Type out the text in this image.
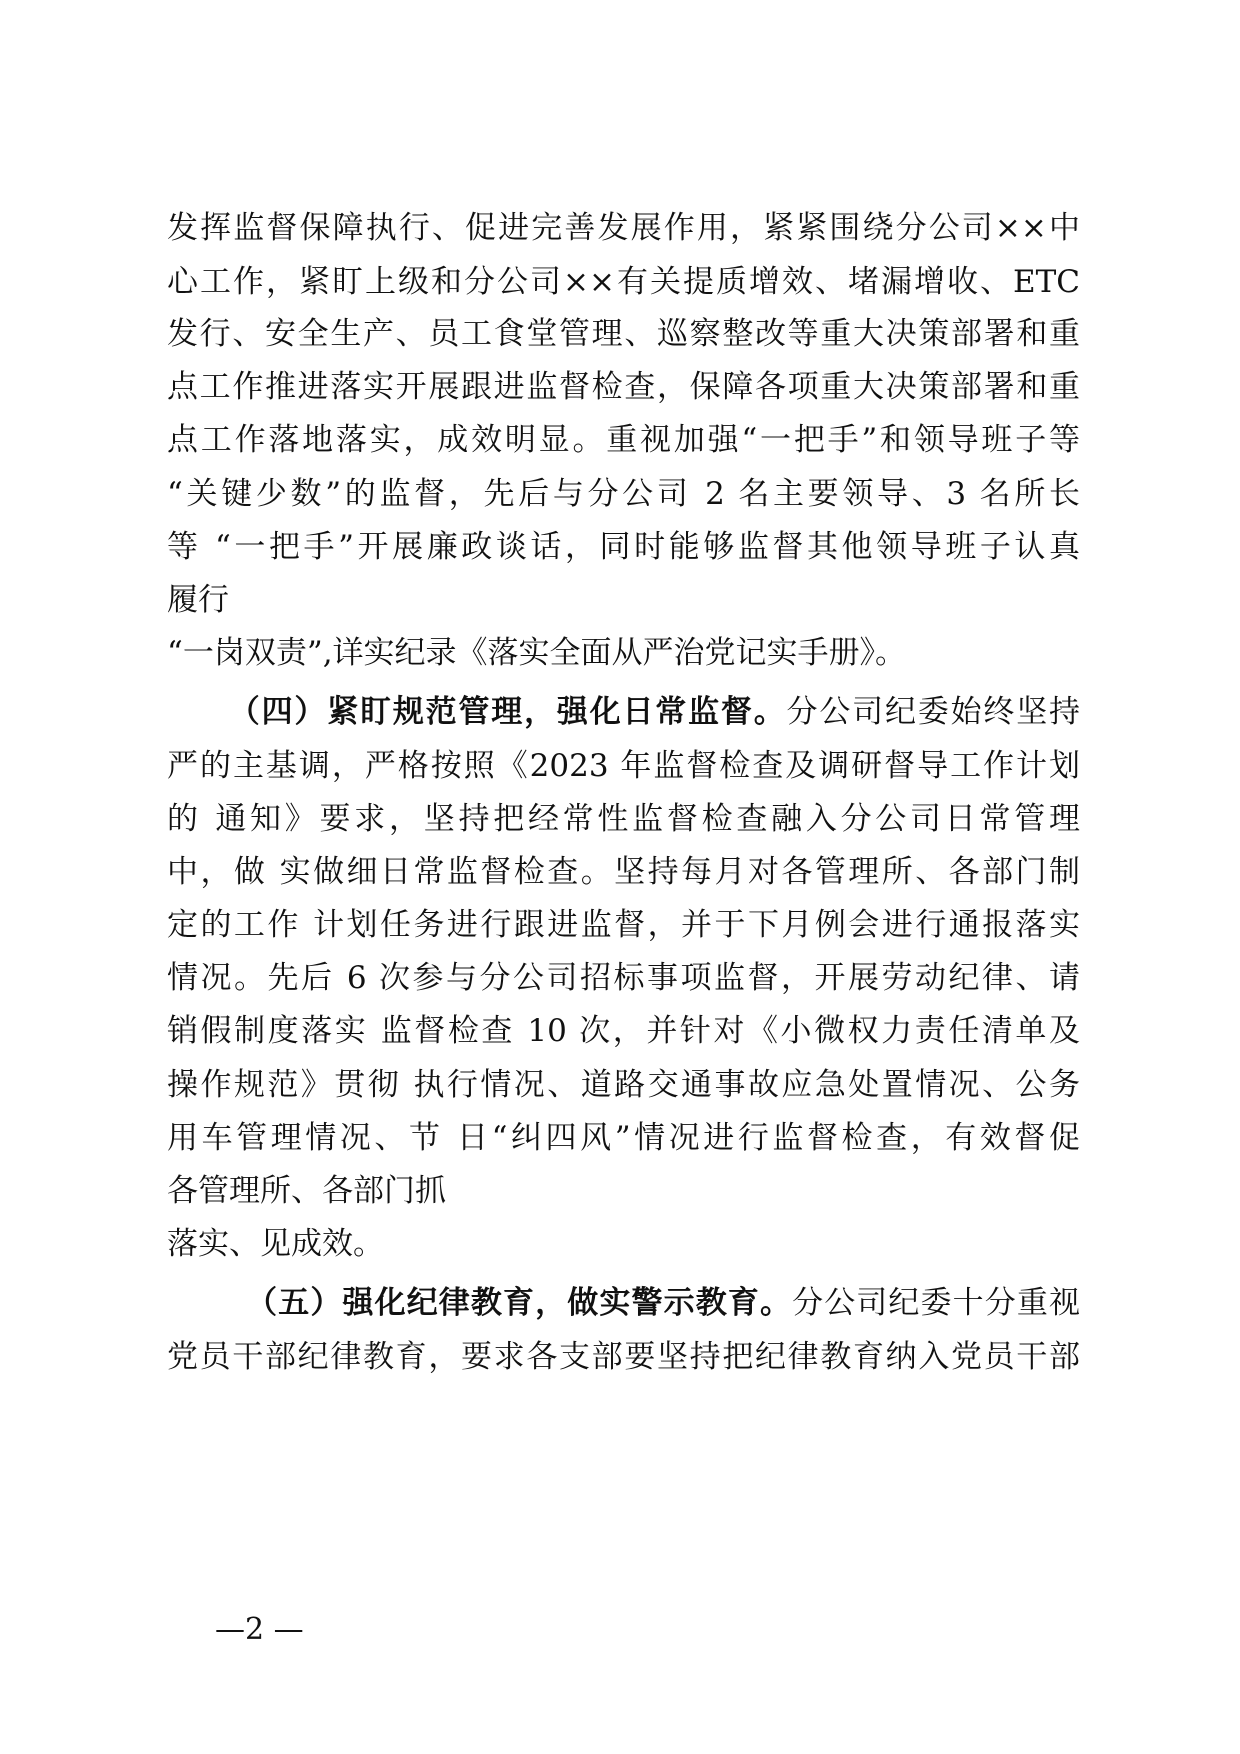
发挥监督保障执行、促进完善发展作用，紧紧围绕分公司××中
心工作，紧盯上级和分公司××有关提质增效、堵漏增收、ETC
发行、安全生产、员工食堂管理、巡察整改等重大决策部署和重
点工作推进落实开展跟进监督检查，保障各项重大决策部署和重
点工作落地落实，成效明显。重视加强“一把手”和领导班子等
“关键少数”的监督，先后与分公司 2 名主要领导、3 名所长
等 “一把手”开展廉政谈话，同时能够监督其他领导班子认真
履行
“一岗双责”,详实纪录《落实全面从严治党记实手册》。
（四）紧盯规范管理，强化日常监督。分公司纪委始终坚持
严的主基调，严格按照《2023 年监督检查及调研督导工作计划
的 通知》要求，坚持把经常性监督检查融入分公司日常管理
中，做 实做细日常监督检查。坚持每月对各管理所、各部门制
定的工作 计划任务进行跟进监督，并于下月例会进行通报落实
情况。先后 6 次参与分公司招标事项监督，开展劳动纪律、请
销假制度落实 监督检查 10 次，并针对《小微权力责任清单及
操作规范》贯彻 执行情况、道路交通事故应急处置情况、公务
用车管理情况、节 日“纠四风”情况进行监督检查，有效督促
各管理所、各部门抓
落实、见成效。
（五）强化纪律教育，做实警示教育。分公司纪委十分重视
党员干部纪律教育，要求各支部要坚持把纪律教育纳入党员干部
—2 —
